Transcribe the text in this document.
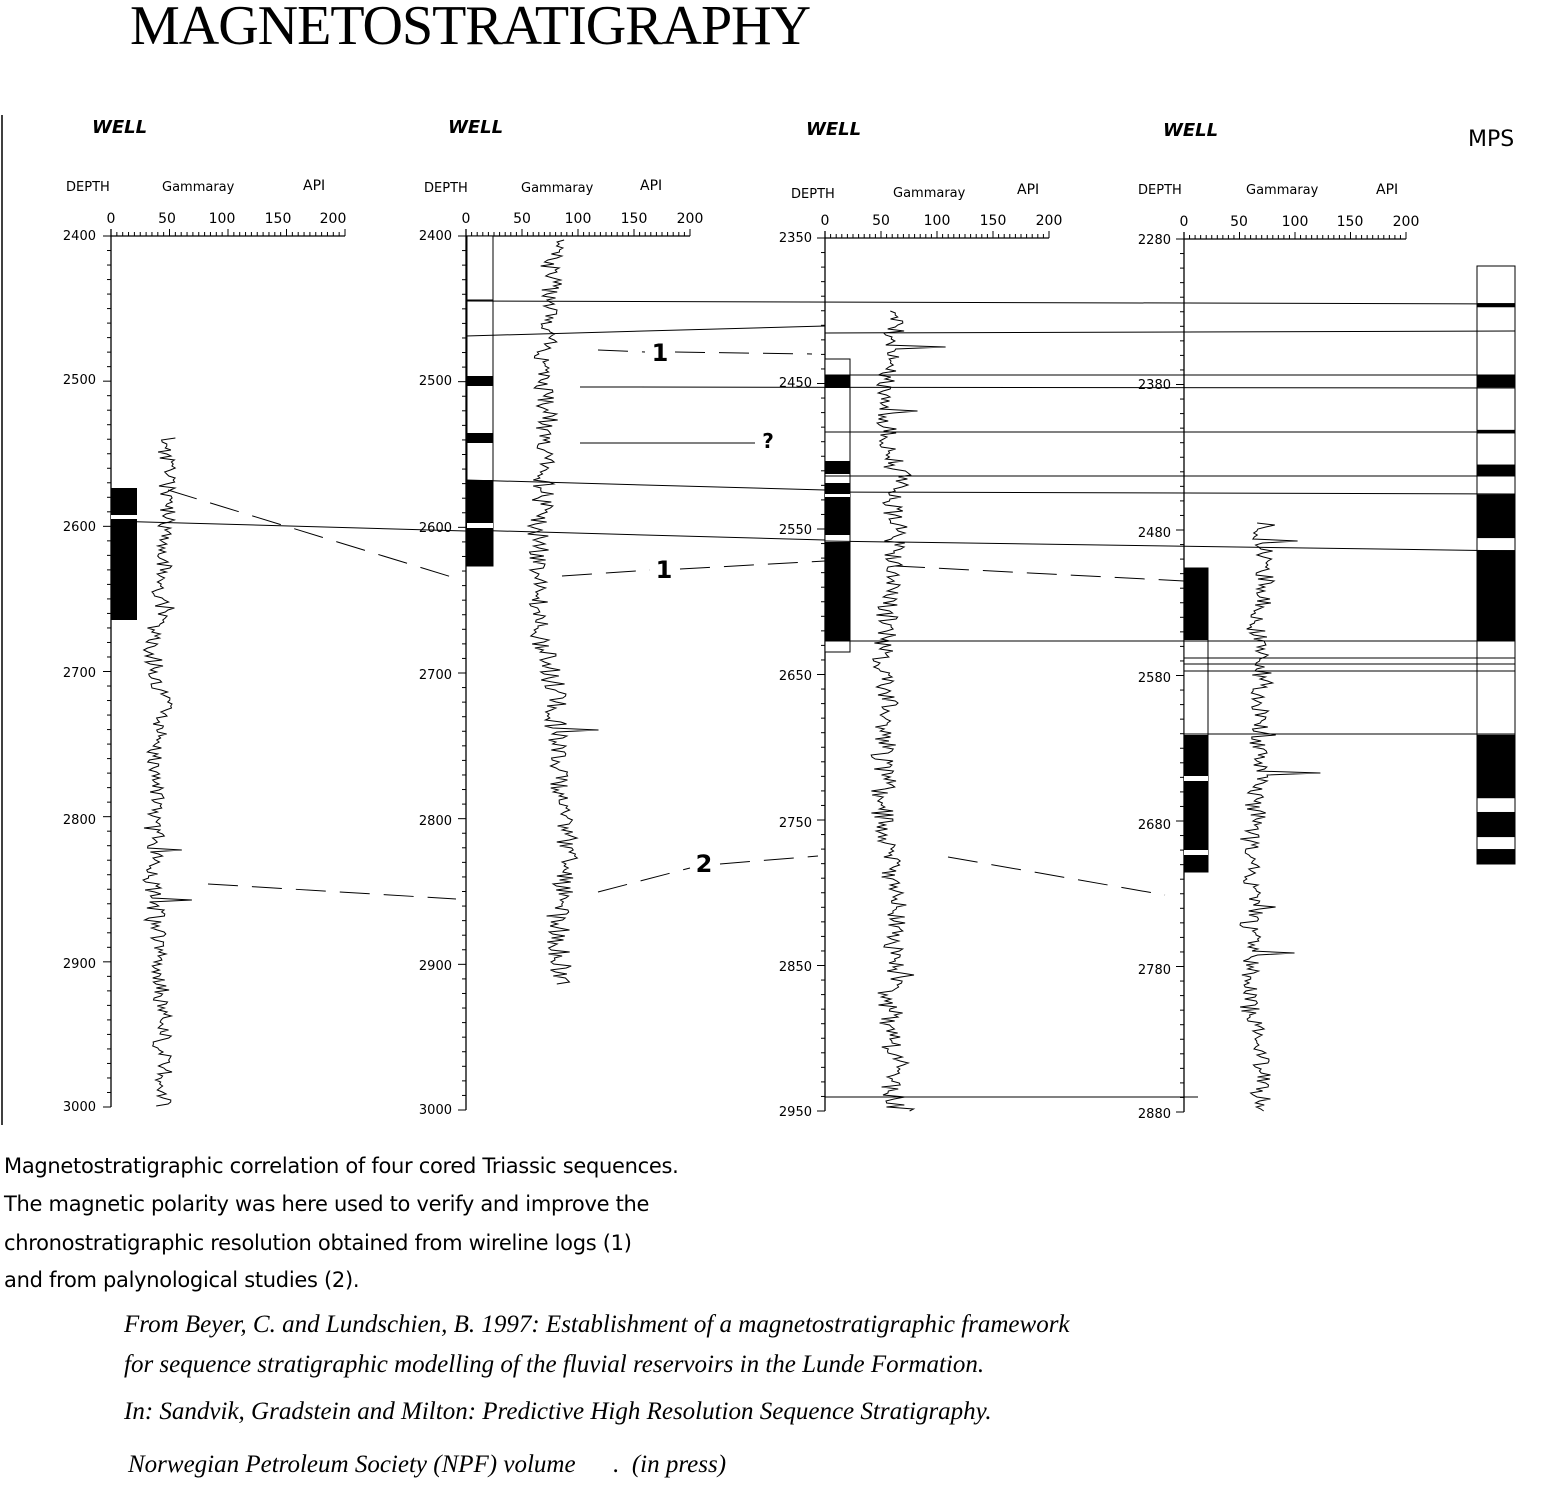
MAGNETOSTRATIGRAPHY
WELL
DEPTH	Gammaray	API
0	50 100 150 200
2400
2500
2600
2700
2800
2900
3000
WELL
DEPTH	Gammaray	API
0	50 100 150 200
2400
2500
2600
2700
2800
2900
3000
WELL
DEPTH	Gammaray	API
0	50 100 150 200
2350
2450
2550
2650
2750
2850
2950
WELL
DEPTH	Gammaray	API
0	50 100 150 200
2280
2380
2480
2580
2680
2780
2880
MPS
1
?
1
2
Magnetostratigraphic correlation of four cored Triassic sequences.
The magnetic polarity was here used to verify and improve the
chronostratigraphic resolution obtained from wireline logs (1)
and from palynological studies (2).
From Beyer, C. and Lundschien, B. 1997: Establishment of a magnetostratigraphic framework
for sequence stratigraphic modelling of the fluvial reservoirs in the Lunde Formation.
In: Sandvik, Gradstein and Milton: Predictive High Resolution Sequence Stratigraphy.
Norwegian Petroleum Society (NPF) volume      .  (in press)
